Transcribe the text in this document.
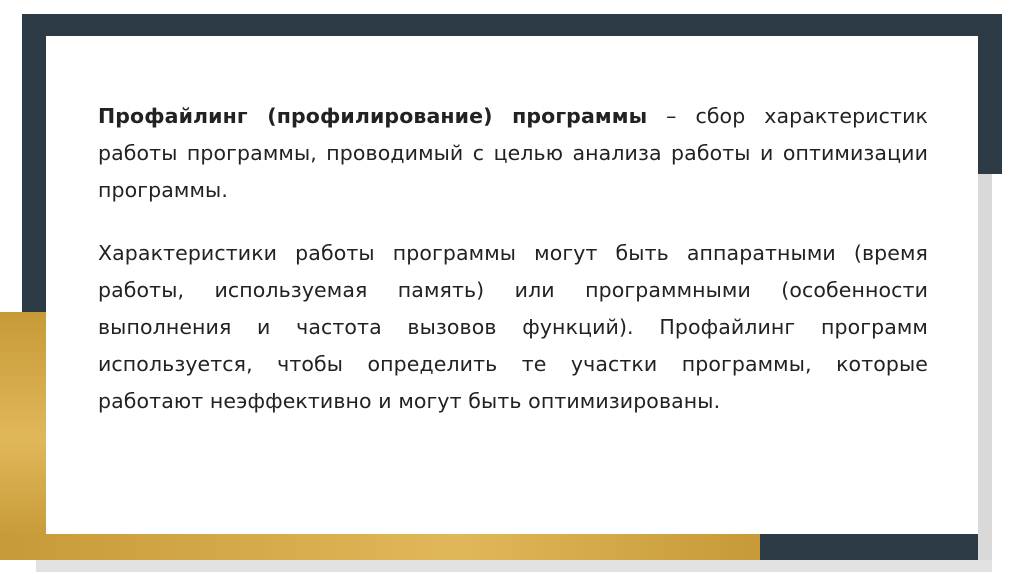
Профайлинг (профилирование) программы – сбор характеристик работы программы, проводимый с целью анализа работы и оптимизации программы.

Характеристики работы программы могут быть аппаратными (время работы, используемая память) или программными (особенности выполнения и частота вызовов функций). Профайлинг программ используется, чтобы определить те участки программы, которые работают неэффективно и могут быть оптимизированы.
